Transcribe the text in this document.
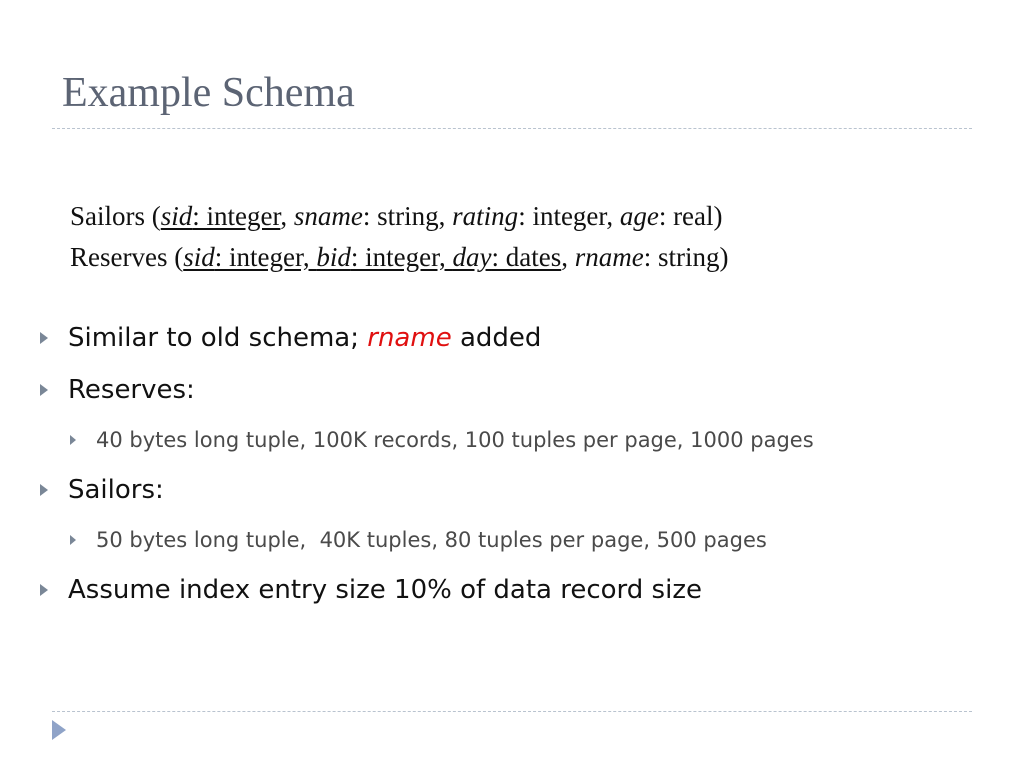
Example Schema
Sailors (sid: integer, sname: string, rating: integer, age: real)
Reserves (sid: integer, bid: integer, day: dates, rname: string)
Similar to old schema; rname added
Reserves:
40 bytes long tuple, 100K records, 100 tuples per page, 1000 pages
Sailors:
50 bytes long tuple,  40K tuples, 80 tuples per page, 500 pages
Assume index entry size 10% of data record size
